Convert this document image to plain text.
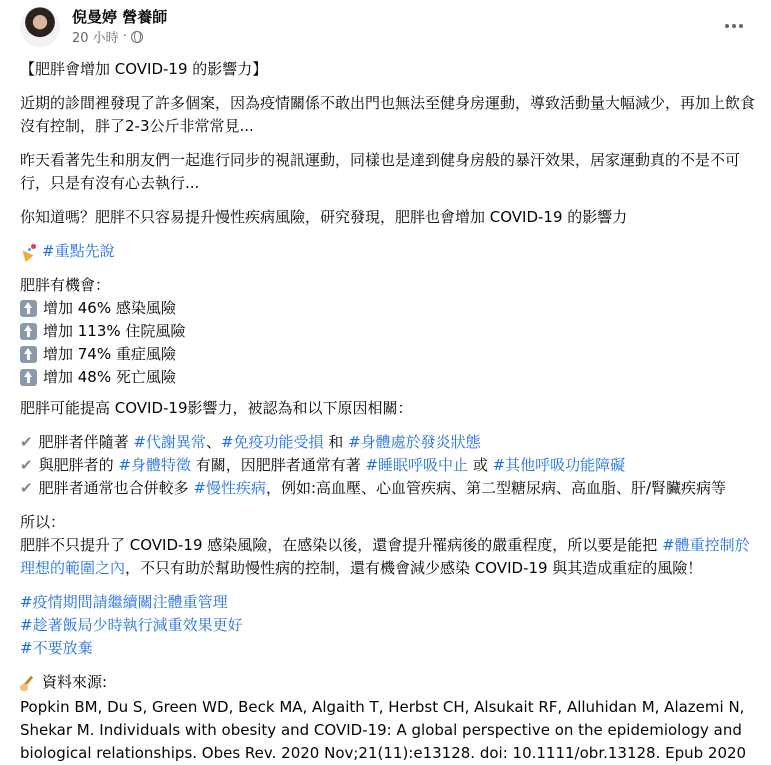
倪曼婷 營養師
20 小時 ·

【肥胖會增加 COVID-19 的影響力】

近期的診間裡發現了許多個案，因為疫情關係不敢出門也無法至健身房運動，導致活動量大幅減少，再加上飲食沒有控制，胖了2-3公斤非常常見...

昨天看著先生和朋友們一起進行同步的視訊運動，同樣也是達到健身房般的暴汗效果，居家運動真的不是不可行，只是有沒有心去執行...

你知道嗎？肥胖不只容易提升慢性疾病風險，研究發現，肥胖也會增加 COVID-19 的影響力

#重點先說

肥胖有機會：
增加 46% 感染風險
增加 113% 住院風險
增加 74% 重症風險
增加 48% 死亡風險

肥胖可能提高 COVID-19影響力，被認為和以下原因相關：

✔ 肥胖者伴隨著 #代謝異常、#免疫功能受損 和 #身體處於發炎狀態
✔ 與肥胖者的 #身體特徵 有關，因肥胖者通常有著 #睡眠呼吸中止 或 #其他呼吸功能障礙

✔ 肥胖者通常也合併較多 #慢性疾病，例如:高血壓、心血管疾病、第二型糖尿病、高血脂、肝/腎臟疾病等

所以：

肥胖不只提升了 COVID-19 感染風險，在感染以後，還會提升罹病後的嚴重程度，所以要是能把 #體重控制於理想的範圍之內，不只有助於幫助慢性病的控制，還有機會減少感染 COVID-19 與其造成重症的風險！

#疫情期間請繼續關注體重管理
#趁著飯局少時執行減重效果更好

#不要放棄

資料來源:
Popkin BM, Du S, Green WD, Beck MA, Algaith T, Herbst CH, Alsukait RF, Alluhidan M, Alazemi N, Shekar M. Individuals with obesity and COVID-19: A global perspective on the epidemiology and biological relationships. Obes Rev. 2020 Nov;21(11):e13128. doi: 10.1111/obr.13128. Epub 2020
